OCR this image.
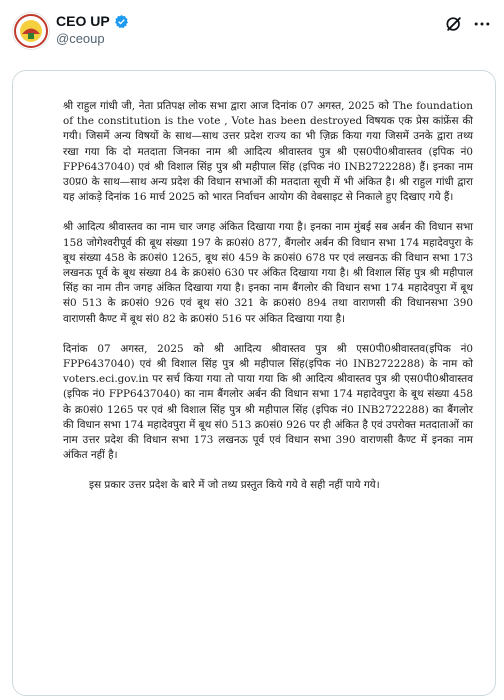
CEO UP
@ceoup

श्री राहुल गांधी जी, नेता प्रतिपक्ष लोक सभा द्वारा आज दिनांक 07 अगस्त, 2025 को The foundation of the constitution is the vote , Vote has been destroyed विषयक एक प्रेस कांफ्रेंस की गयी। जिसमें अन्य विषयों के साथ—साथ उत्तर प्रदेश राज्य का भी ज़िक्र किया गया जिसमें उनके द्वारा तथ्य रखा गया कि दो मतदाता जिनका नाम श्री आदित्य श्रीवास्तव पुत्र श्री एस0पी0श्रीवास्तव (इपिक नं0 FPP6437040) एवं श्री विशाल सिंह पुत्र श्री महीपाल सिंह (इपिक नं0 INB2722288) हैं। इनका नाम उ0प्र0 के साथ—साथ अन्य प्रदेश की विधान सभाओं की मतदाता सूची में भी अंकित है। श्री राहुल गांधी द्वारा यह आंकड़े दिनांक 16 मार्च 2025 को भारत निर्वाचन आयोग की वेबसाइट से निकाले हुए दिखाए गये हैं।

श्री आदित्य श्रीवास्तव का नाम चार जगह अंकित दिखाया गया है। इनका नाम मुंबई सब अर्बन की विधान सभा 158 जोगेश्वरीपूर्व की बूथ संख्या 197 के क्र0सं0 877, बैंगलोर अर्बन की विधान सभा 174 महादेवपुरा के बूथ संख्या 458 के क्र0सं0 1265, बूथ सं0 459 के क्र0सं0 678 पर एवं लखनऊ की विधान सभा 173 लखनऊ पूर्व के बूथ संख्या 84 के क्र0सं0 630 पर अंकित दिखाया गया है। श्री विशाल सिंह पुत्र श्री महीपाल सिंह का नाम तीन जगह अंकित दिखाया गया है। इनका नाम बैंगलोर की विधान सभा 174 महादेवपुरा में बूथ सं0 513 के क्र0सं0 926 एवं बूथ सं0 321 के क्र0सं0 894 तथा वाराणसी की विधानसभा 390 वाराणसी कैण्ट में बूथ सं0 82 के क्र0सं0 516 पर अंकित दिखाया गया है।

दिनांक 07 अगस्त, 2025 को श्री आदित्य श्रीवास्तव पुत्र श्री एस0पी0श्रीवास्तव(इपिक नं0 FPP6437040) एवं श्री विशाल सिंह पुत्र श्री महीपाल सिंह(इपिक नं0 INB2722288) के नाम को voters.eci.gov.in पर सर्च किया गया तो पाया गया कि श्री आदित्य श्रीवास्तव पुत्र श्री एस0पी0श्रीवास्तव (इपिक नं0 FPP6437040) का नाम बैंगलोर अर्बन की विधान सभा 174 महादेवपुरा के बूथ संख्या 458 के क्र0सं0 1265 पर एवं श्री विशाल सिंह पुत्र श्री महीपाल सिंह (इपिक नं0 INB2722288) का बैंगलोर की विधान सभा 174 महादेवपुरा में बूथ सं0 513 क्र0सं0 926 पर ही अंकित है एवं उपरोक्त मतदाताओं का नाम उत्तर प्रदेश की विधान सभा 173 लखनऊ पूर्व एवं विधान सभा 390 वाराणसी कैण्ट में इनका नाम अंकित नहीं है।

इस प्रकार उत्तर प्रदेश के बारे में जो तथ्य प्रस्तुत किये गये वे सही नहीं पाये गये।
